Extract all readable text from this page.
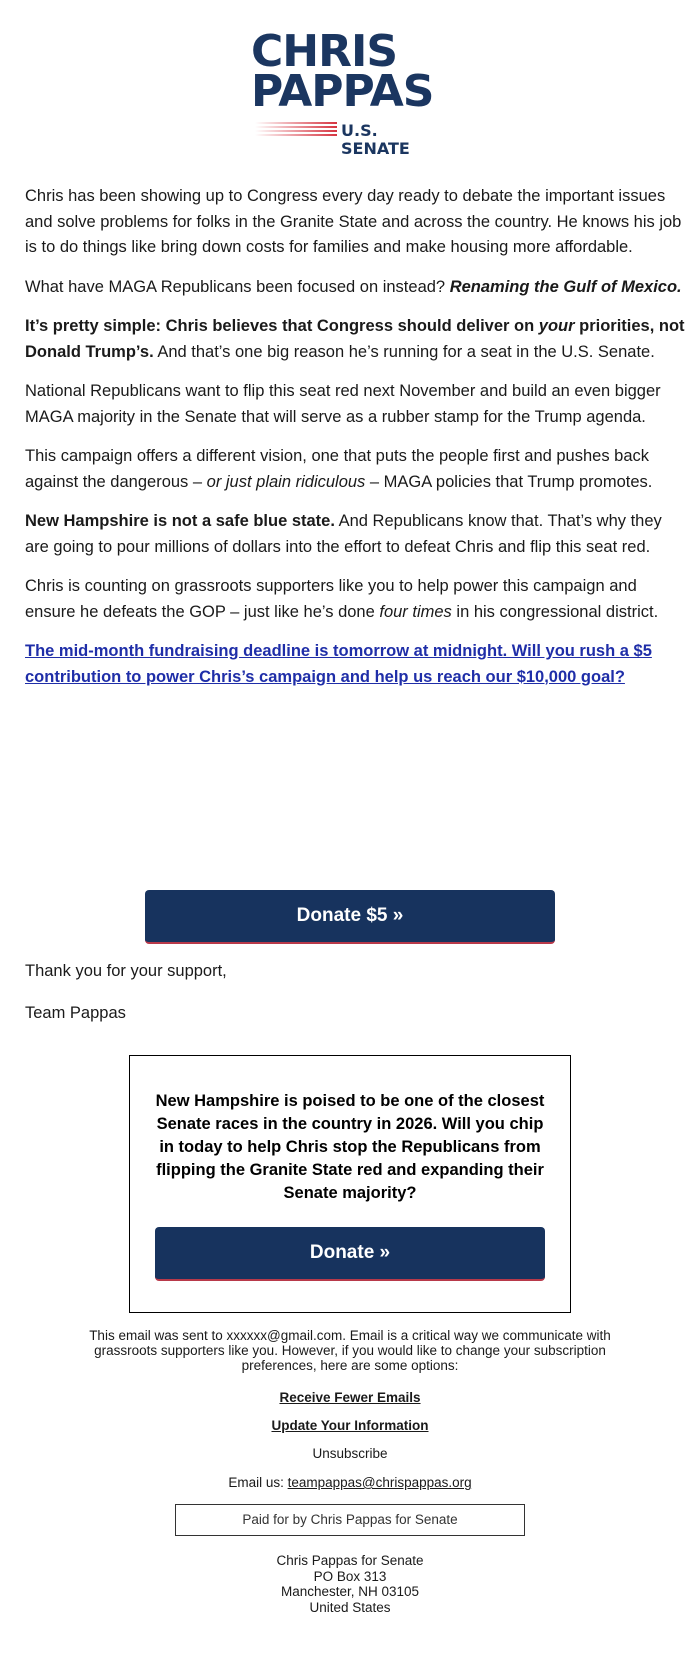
CHRIS
PAPPAS
U.S. SENATE

Chris has been showing up to Congress every day ready to debate the important issues and solve problems for folks in the Granite State and across the country. He knows his job is to do things like bring down costs for families and make housing more affordable.

What have MAGA Republicans been focused on instead? Renaming the Gulf of Mexico.

It’s pretty simple: Chris believes that Congress should deliver on your priorities, not Donald Trump’s. And that’s one big reason he’s running for a seat in the U.S. Senate.

National Republicans want to flip this seat red next November and build an even bigger MAGA majority in the Senate that will serve as a rubber stamp for the Trump agenda.

This campaign offers a different vision, one that puts the people first and pushes back against the dangerous – or just plain ridiculous – MAGA policies that Trump promotes.

New Hampshire is not a safe blue state. And Republicans know that. That’s why they are going to pour millions of dollars into the effort to defeat Chris and flip this seat red.

Chris is counting on grassroots supporters like you to help power this campaign and ensure he defeats the GOP – just like he’s done four times in his congressional district.

The mid-month fundraising deadline is tomorrow at midnight. Will you rush a $5 contribution to power Chris’s campaign and help us reach our $10,000 goal?

Donate $5 »
Thank you for your support,
Team Pappas
New Hampshire is poised to be one of the closest Senate races in the country in 2026. Will you chip in today to help Chris stop the Republicans from flipping the Granite State red and expanding their Senate majority?
Donate »
This email was sent to xxxxxx@gmail.com. Email is a critical way we communicate with grassroots supporters like you. However, if you would like to change your subscription preferences, here are some options:
Receive Fewer Emails
Update Your Information
Unsubscribe
Email us: teampappas@chrispappas.org
Paid for by Chris Pappas for Senate
Chris Pappas for Senate
PO Box 313
Manchester, NH 03105
United States
